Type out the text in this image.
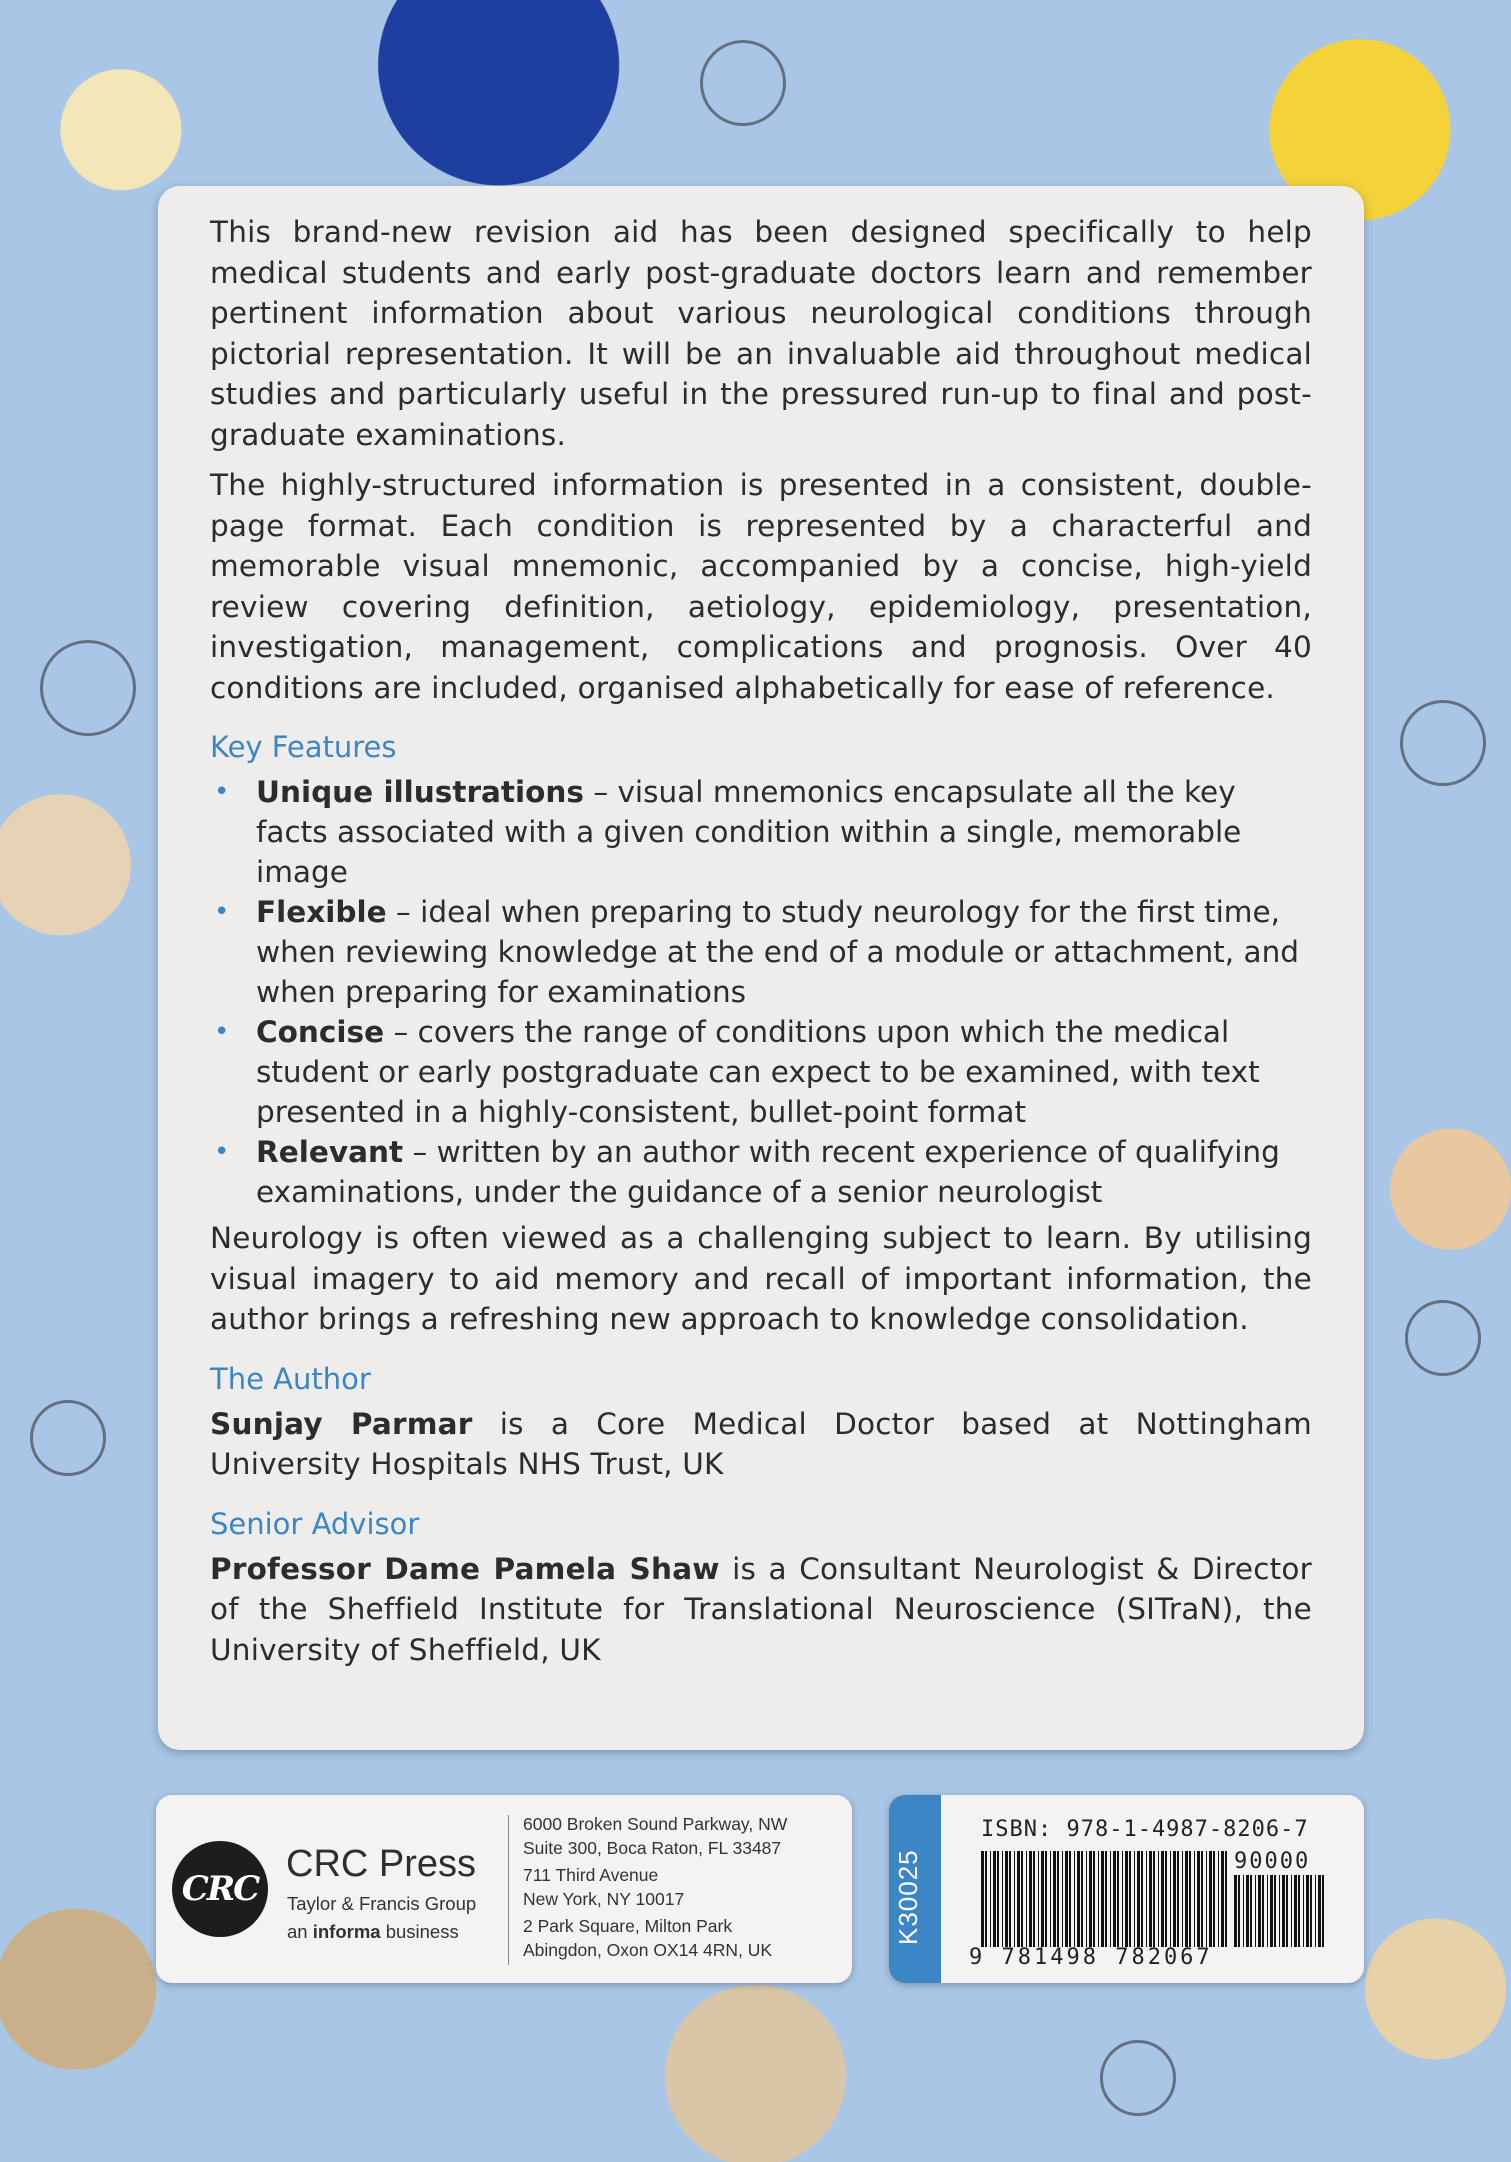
This brand-new revision aid has been designed specifically to help medical students and early post-graduate doctors learn and remember pertinent information about various neurological conditions through pictorial representation. It will be an invaluable aid throughout medical studies and particularly useful in the pressured run-up to final and post-graduate examinations.

The highly-structured information is presented in a consistent, double-page format. Each condition is represented by a characterful and memorable visual mnemonic, accompanied by a concise, high-yield review covering definition, aetiology, epidemiology, presentation, investigation, management, complications and prognosis. Over 40 conditions are included, organised alphabetically for ease of reference.

Key Features
• Unique illustrations – visual mnemonics encapsulate all the key facts associated with a given condition within a single, memorable image
• Flexible – ideal when preparing to study neurology for the first time, when reviewing knowledge at the end of a module or attachment, and when preparing for examinations
• Concise – covers the range of conditions upon which the medical student or early postgraduate can expect to be examined, with text presented in a highly-consistent, bullet-point format
• Relevant – written by an author with recent experience of qualifying examinations, under the guidance of a senior neurologist

Neurology is often viewed as a challenging subject to learn. By utilising visual imagery to aid memory and recall of important information, the author brings a refreshing new approach to knowledge consolidation.

The Author

Sunjay Parmar is a Core Medical Doctor based at Nottingham University Hospitals NHS Trust, UK

Senior Advisor

Professor Dame Pamela Shaw is a Consultant Neurologist & Director of the Sheffield Institute for Translational Neuroscience (SITraN), the University of Sheffield, UK

CRC
CRC Press
Taylor & Francis Group
an informa business
6000 Broken Sound Parkway, NW
Suite 300, Boca Raton, FL 33487
711 Third Avenue
New York, NY 10017
2 Park Square, Milton Park
Abingdon, Oxon OX14 4RN, UK
K30025
ISBN: 978-1-4987-8206-7
90000
9 781498 782067
